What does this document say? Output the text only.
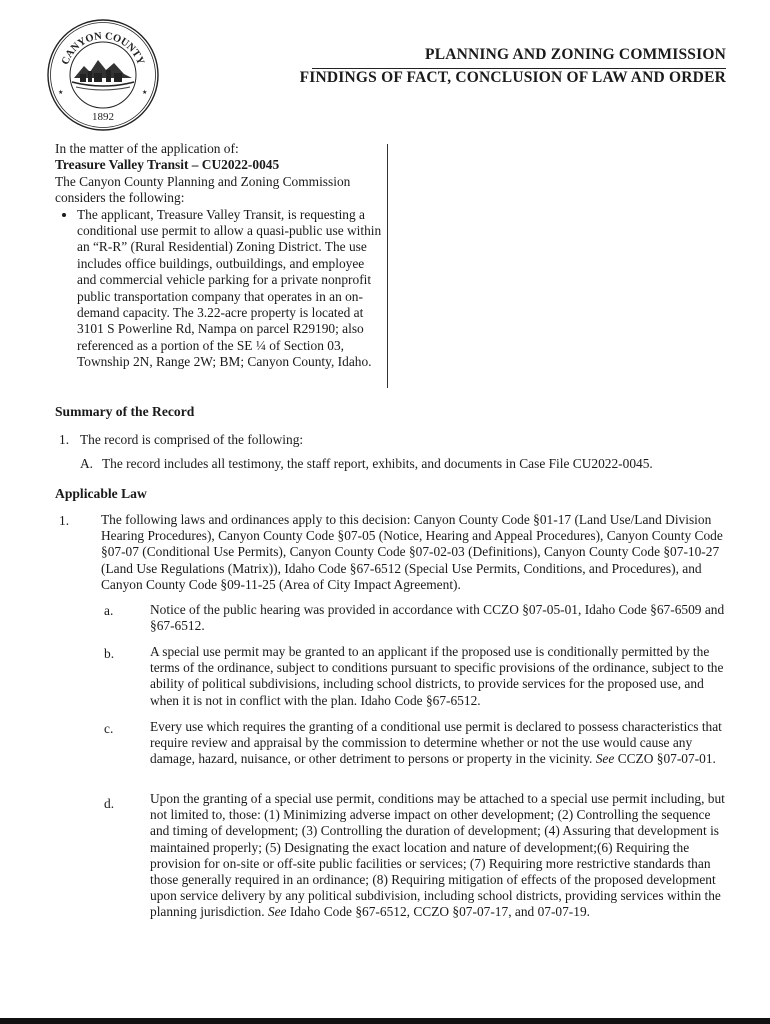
CANYON COUNTY
★	★
1892
PLANNING AND ZONING COMMISSION
FINDINGS OF FACT, CONCLUSION OF LAW AND ORDER

In the matter of the application of:

Treasure Valley Transit – CU2022-0045

The Canyon County Planning and Zoning Commission considers the following:

• The applicant, Treasure Valley Transit, is requesting a conditional use permit to allow a quasi-public use within an “R-R” (Rural Residential) Zoning District. The use includes office buildings, outbuildings, and employee and commercial vehicle parking for a private nonprofit public transportation company that operates in an on-demand capacity. The 3.22-acre property is located at 3101 S Powerline Rd, Nampa on parcel R29190; also referenced as a portion of the SE ¼ of Section 03, Township 2N, Range 2W; BM; Canyon County, Idaho.
Summary of the Record
1. The record is comprised of the following:
A. The record includes all testimony, the staff report, exhibits, and documents in Case File CU2022-0045.
Applicable Law
1. The following laws and ordinances apply to this decision: Canyon County Code §01-17 (Land Use/Land Division Hearing Procedures), Canyon County Code §07-05 (Notice, Hearing and Appeal Procedures), Canyon County Code §07-07 (Conditional Use Permits), Canyon County Code §07-02-03 (Definitions), Canyon County Code §07-10-27 (Land Use Regulations (Matrix)), Idaho Code §67-6512 (Special Use Permits, Conditions, and Procedures), and Canyon County Code §09-11-25 (Area of City Impact Agreement).
a.	Notice of the public hearing was provided in accordance with CCZO §07-05-01, Idaho Code §67-6509 and §67-6512.
b.	A special use permit may be granted to an applicant if the proposed use is conditionally permitted by the terms of the ordinance, subject to conditions pursuant to specific provisions of the ordinance, subject to the ability of political subdivisions, including school districts, to provide services for the proposed use, and when it is not in conflict with the plan. Idaho Code §67-6512.
c.	Every use which requires the granting of a conditional use permit is declared to possess characteristics that require review and appraisal by the commission to determine whether or not the use would cause any damage, hazard, nuisance, or other detriment to persons or property in the vicinity. See CCZO §07-07-01.
d.	Upon the granting of a special use permit, conditions may be attached to a special use permit including, but not limited to, those: (1) Minimizing adverse impact on other development; (2) Controlling the sequence and timing of development; (3) Controlling the duration of development; (4) Assuring that development is maintained properly; (5) Designating the exact location and nature of development;(6) Requiring the provision for on-site or off-site public facilities or services; (7) Requiring more restrictive standards than those generally required in an ordinance; (8) Requiring mitigation of effects of the proposed development upon service delivery by any political subdivision, including school districts, providing services within the planning jurisdiction. See Idaho Code §67-6512, CCZO §07-07-17, and 07-07-19.
